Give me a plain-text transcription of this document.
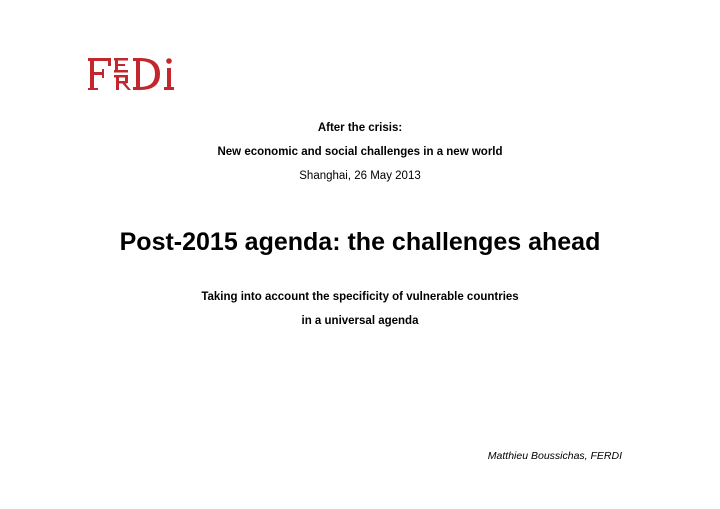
After the crisis:
New economic and social challenges in a new world
Shanghai, 26 May 2013
Post-2015 agenda: the challenges ahead
Taking into account the specificity of vulnerable countries
in a universal agenda
Matthieu Boussichas, FERDI
